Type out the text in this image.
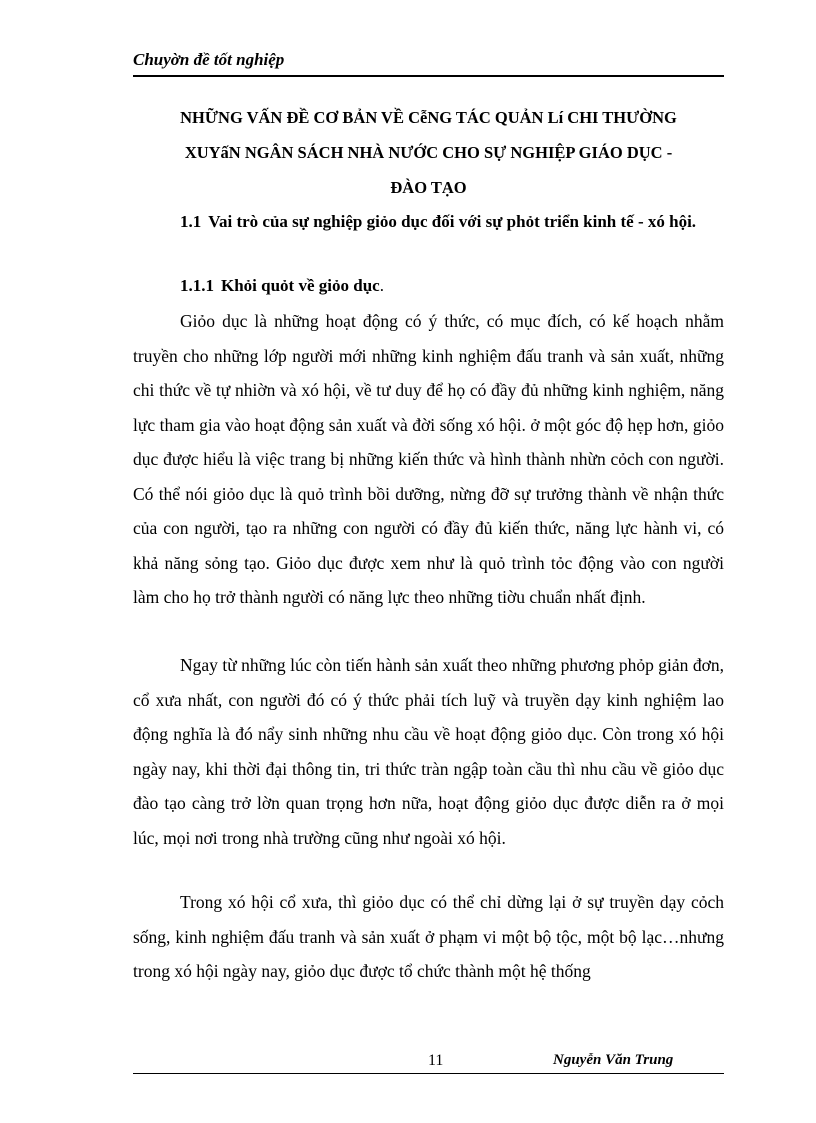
Chuyờn đề tốt nghiệp
NHỮNG VẤN ĐỀ CƠ BẢN VỀ CễNG TÁC QUẢN Lí CHI THƯỜNG
XUYấN NGÂN SÁCH NHÀ NƯỚC CHO SỰ NGHIỆP GIÁO DỤC -
ĐÀO TẠO
1.1 Vai trò của sự nghiệp giỏo dục đối với sự phỏt triển kinh tế - xó hội.
1.1.1 Khỏi quỏt về giỏo dục.

Giỏo dục là những hoạt động có ý thức, có mục đích, có kế hoạch nhằm truyền cho những lớp người mới những kinh nghiệm đấu tranh và sản xuất, những chi thức về tự nhiờn và xó hội, về tư duy để họ có đầy đủ những kinh nghiệm, năng lực tham gia vào hoạt động sản xuất và đời sống xó hội. ở một góc độ hẹp hơn, giỏo dục được hiểu là việc trang bị những kiến thức và hình thành nhừn cỏch con người. Có thể nói giỏo dục là quỏ trình bồi dưỡng, nừng đỡ sự trưởng thành về nhận thức của con người, tạo ra những con người có đầy đủ kiến thức, năng lực hành vi, có khả năng sỏng tạo. Giỏo dục được xem như là quỏ trình tỏc động vào con người làm cho họ trở thành người có năng lực theo những tiờu chuẩn nhất định.

Ngay từ những lúc còn tiến hành sản xuất theo những phương phỏp giản đơn, cổ xưa nhất, con người đó có ý thức phải tích luỹ và truyền dạy kinh nghiệm lao động nghĩa là đó nẩy sinh những nhu cầu về hoạt động giỏo dục. Còn trong xó hội ngày nay, khi thời đại thông tin, tri thức tràn ngập toàn cầu thì nhu cầu về giỏo dục đào tạo càng trở lờn quan trọng hơn nữa, hoạt động giỏo dục được diễn ra ở mọi lúc, mọi nơi trong nhà trường cũng như ngoài xó hội.

Trong xó hội cổ xưa, thì giỏo dục có thể chỉ dừng lại ở sự truyền dạy cỏch sống, kinh nghiệm đấu tranh và sản xuất ở phạm vi một bộ tộc, một bộ lạc…nhưng trong xó hội ngày nay, giỏo dục được tổ chức thành một hệ thống

11	Nguyễn Văn Trung
